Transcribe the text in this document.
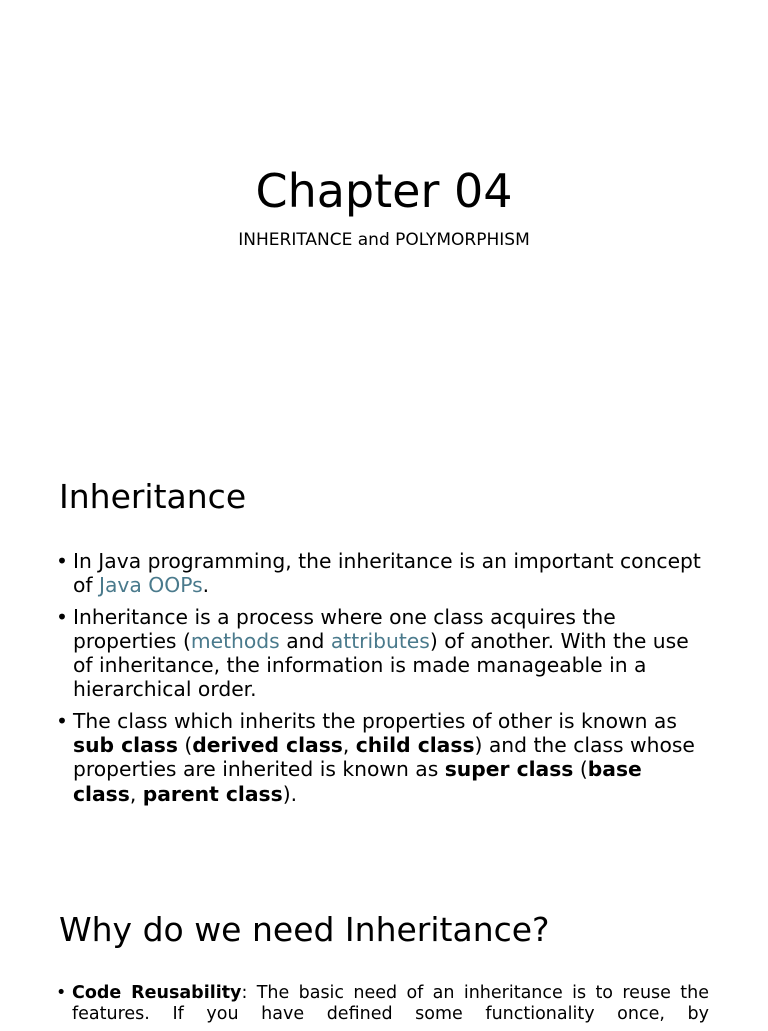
Chapter 04
INHERITANCE and POLYMORPHISM
Inheritance
• In Java programming, the inheritance is an important concept of Java OOPs.
• Inheritance is a process where one class acquires the properties (methods and attributes) of another. With the use of inheritance, the information is made manageable in a hierarchical order.
• The class which inherits the properties of other is known as sub class (derived class, child class) and the class whose properties are inherited is known as super class (base class, parent class).
Why do we need Inheritance?
• Code Reusability: The basic need of an inheritance is to reuse the features. If you have defined some functionality once, by
